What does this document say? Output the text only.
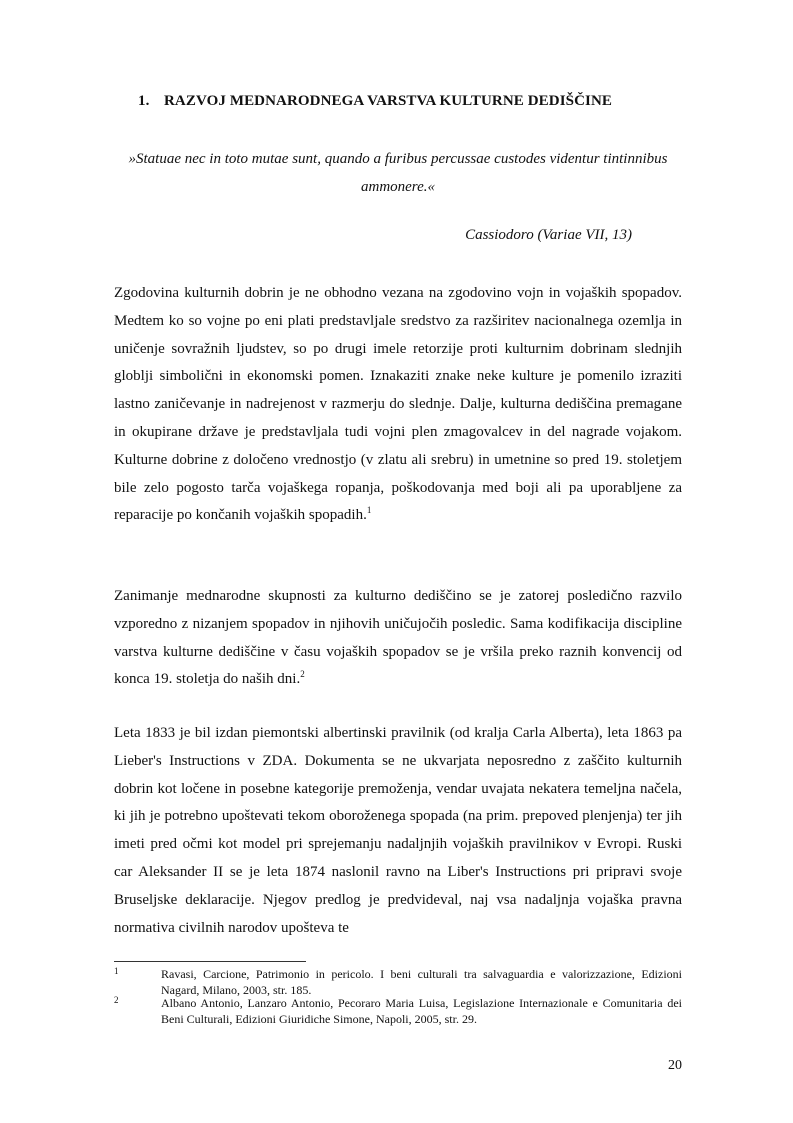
1. RAZVOJ MEDNARODNEGA VARSTVA KULTURNE DEDIŠČINE
»Statuae nec in toto mutae sunt, quando a furibus percussae custodes videntur tintinnibus ammonere.«
Cassiodoro (Variae VII, 13)

Zgodovina kulturnih dobrin je ne obhodno vezana na zgodovino vojn in vojaških spopadov. Medtem ko so vojne po eni plati predstavljale sredstvo za razširitev nacionalnega ozemlja in uničenje sovražnih ljudstev, so po drugi imele retorzije proti kulturnim dobrinam slednjih globlji simbolični in ekonomski pomen. Iznakaziti znake neke kulture je pomenilo izraziti lastno zaničevanje in nadrejenost v razmerju do slednje. Dalje, kulturna dediščina premagane in okupirane države je predstavljala tudi vojni plen zmagovalcev in del nagrade vojakom. Kulturne dobrine z določeno vrednostjo (v zlatu ali srebru) in umetnine so pred 19. stoletjem bile zelo pogosto tarča vojaškega ropanja, poškodovanja med boji ali pa uporabljene za reparacije po končanih vojaških spopadih.$^1$

Zanimanje mednarodne skupnosti za kulturno dediščino se je zatorej posledično razvilo vzporedno z nizanjem spopadov in njihovih uničujočih posledic. Sama kodifikacija discipline varstva kulturne dediščine v času vojaških spopadov se je vršila preko raznih konvencij od konca 19. stoletja do naših dni.$^2$

Leta 1833 je bil izdan piemontski albertinski pravilnik (od kralja Carla Alberta), leta 1863 pa Lieber's Instructions v ZDA. Dokumenta se ne ukvarjata neposredno z zaščito kulturnih dobrin kot ločene in posebne kategorije premoženja, vendar uvajata nekatera temeljna načela, ki jih je potrebno upoštevati tekom oboroženega spopada (na prim. prepoved plenjenja) ter jih imeti pred očmi kot model pri sprejemanju nadaljnjih vojaških pravilnikov v Evropi. Ruski car Aleksander II se je leta 1874 naslonil ravno na Liber's Instructions pri pripravi svoje Bruseljske deklaracije. Njegov predlog je predvideval, naj vsa nadaljnja vojaška pravna normativa civilnih narodov upošteva te

1	Ravasi, Carcione, Patrimonio in pericolo. I beni culturali tra salvaguardia e valorizzazione, Edizioni Nagard, Milano, 2003, str. 185.
2	Albano Antonio, Lanzaro Antonio, Pecoraro Maria Luisa, Legislazione Internazionale e Comunitaria dei Beni Culturali, Edizioni Giuridiche Simone, Napoli, 2005, str. 29.
20
